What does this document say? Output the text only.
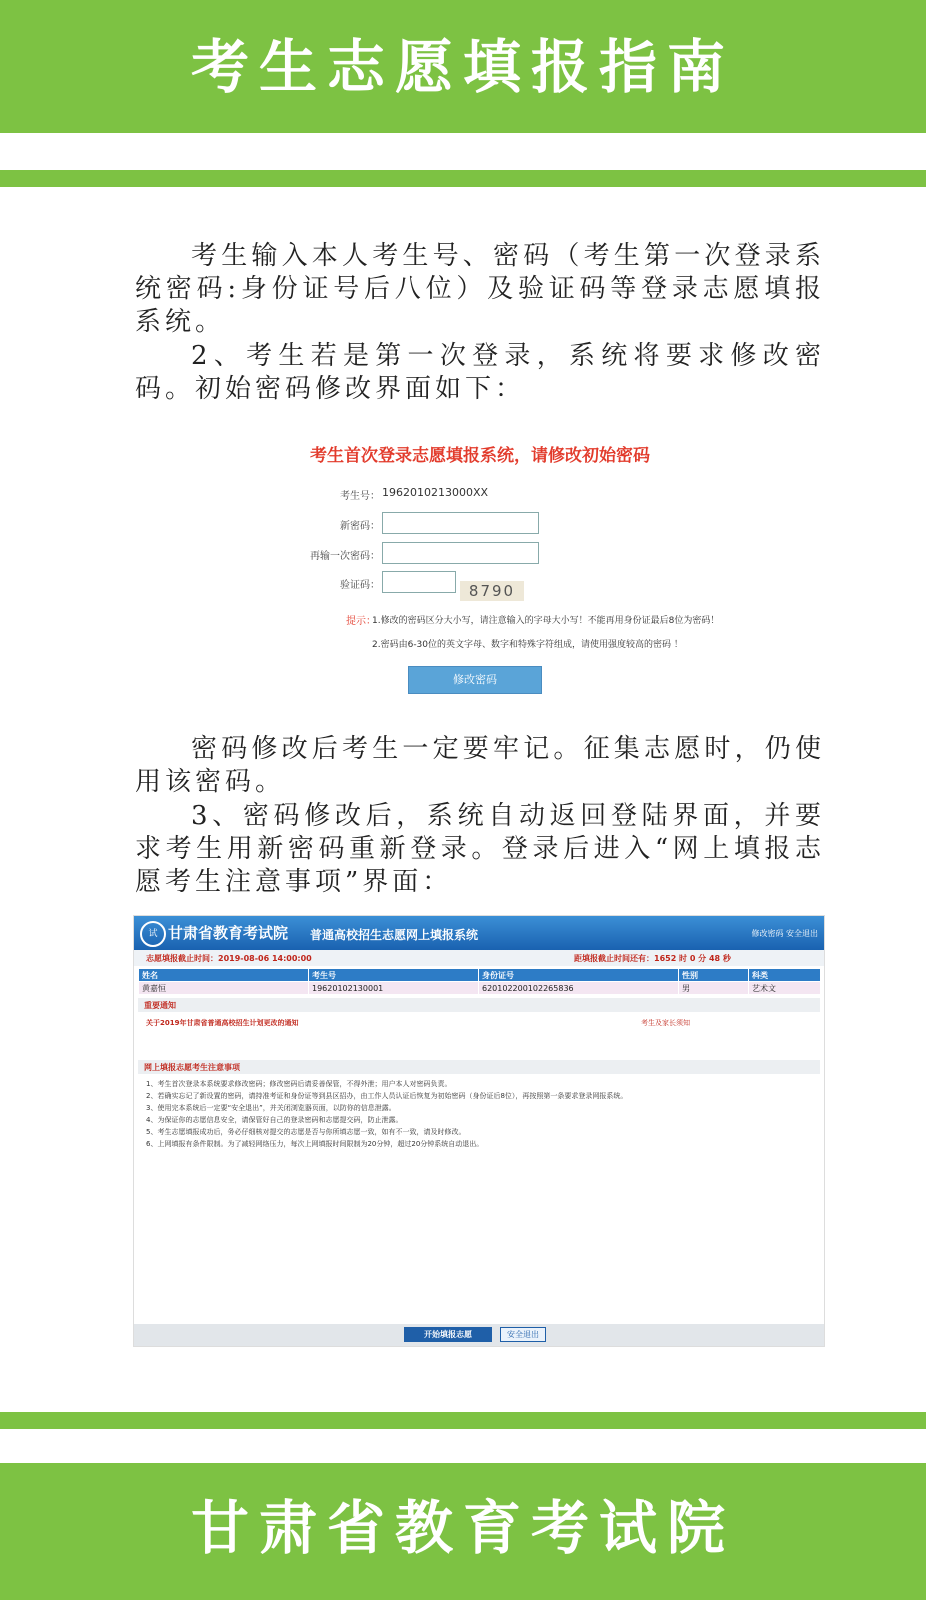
考生志愿填报指南

考生输入本人考生号、密码（考生第一次登录系统密码:身份证号后八位）及验证码等登录志愿填报系统。

2、考生若是第一次登录，系统将要求修改密码。初始密码修改界面如下：

考生首次登录志愿填报系统，请修改初始密码
考生号： 1962010213000XX
新密码：
再输一次密码：
验证码：	8790
提示：
1.修改的密码区分大小写，请注意输入的字母大小写！不能再用身份证最后8位为密码！
2.密码由6-30位的英文字母、数字和特殊字符组成，请使用强度较高的密码 ！
修改密码

密码修改后考生一定要牢记。征集志愿时，仍使用该密码。

3、密码修改后，系统自动返回登陆界面，并要求考生用新密码重新登录。登录后进入“网上填报志愿考生注意事项”界面：

试 甘肃省教育考试院 普通高校招生志愿网上填报系统	修改密码 安全退出
志愿填报截止时间：2019-08-06 14:00:00	距填报截止时间还有：1652 时 0 分 48 秒
姓名	考生号	身份证号	性别	科类
黄嘉恒	19620102130001	620102200102265836	男	艺术文
重要通知
关于2019年甘肃省普通高校招生计划更改的通知	考生及家长须知
网上填报志愿考生注意事项
1、考生首次登录本系统要求修改密码；修改密码后请妥善保管，不得外泄；用户本人对密码负责。
2、若确实忘记了新设置的密码，请持准考证和身份证等到县区招办，由工作人员认证后恢复为初始密码（身份证后8位），再按照第一条要求登录网报系统。
3、使用完本系统后一定要“安全退出”，并关闭浏览器页面，以防你的信息泄露。
4、为保证你的志愿信息安全，请保管好自己的登录密码和志愿提交码，防止泄露。
5、考生志愿填报成功后，务必仔细核对提交的志愿是否与你所填志愿一致，如有不一致，请及时修改。
6、上网填报有条件限制。为了减轻网络压力，每次上网填报时间限制为20分钟，超过20分钟系统自动退出。
开始填报志愿	安全退出
甘肃省教育考试院
